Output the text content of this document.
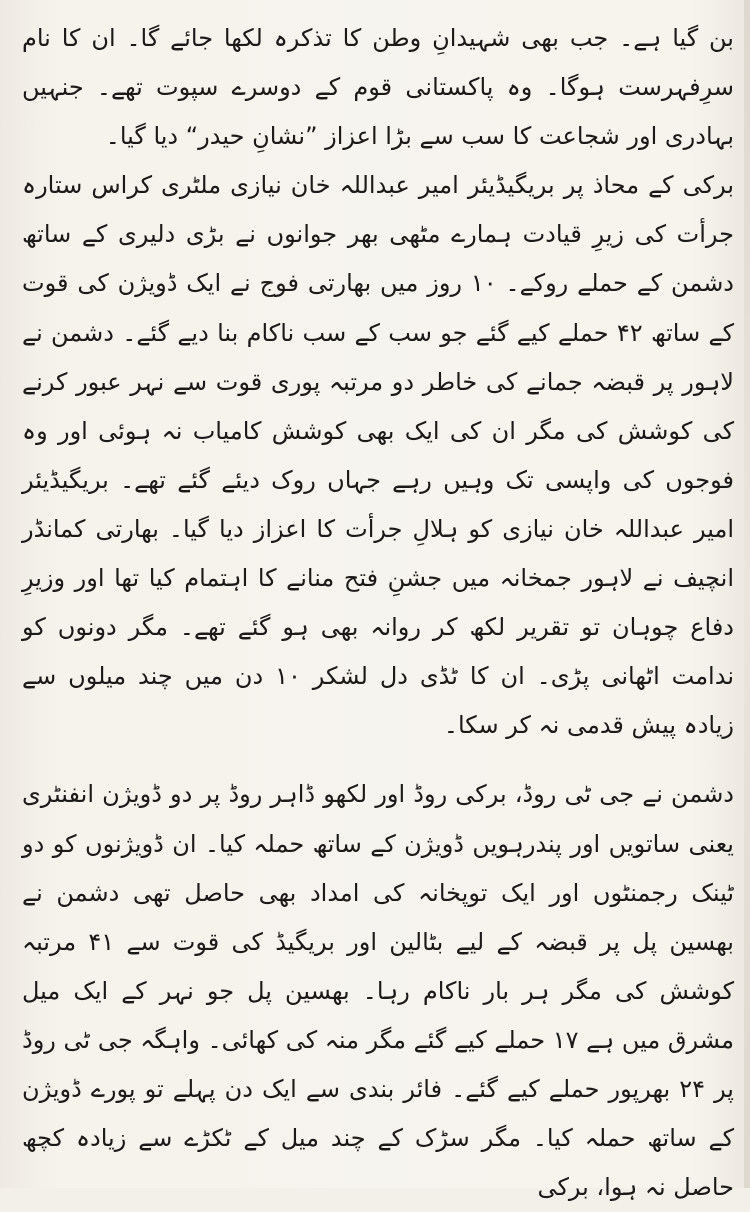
بن گیا ہے۔ جب بھی شہیدانِ وطن کا تذکرہ لکھا جائے گا۔ ان کا نام سرِفہرست ہوگا۔ وہ پاکستانی قوم کے دوسرے سپوت تھے۔ جنہیں بہادری اور شجاعت کا سب سے بڑا اعزاز ”نشانِ حیدر“ دیا گیا۔

برکی کے محاذ پر بریگیڈیئر امیر عبداللہ خان نیازی ملٹری کراس ستارہ جرأت کی زیرِ قیادت ہمارے مٹھی بھر جوانوں نے بڑی دلیری کے ساتھ دشمن کے حملے روکے۔ ۱۰ روز میں بھارتی فوج نے ایک ڈویژن کی قوت کے ساتھ ۴۲ حملے کیے گئے جو سب کے سب ناکام بنا دیے گئے۔ دشمن نے لاہور پر قبضہ جمانے کی خاطر دو مرتبہ پوری قوت سے نہر عبور کرنے کی کوشش کی مگر ان کی ایک بھی کوشش کامیاب نہ ہوئی اور وہ فوجوں کی واپسی تک وہیں رہے جہاں روک دیئے گئے تھے۔ بریگیڈیئر امیر عبداللہ خان نیازی کو ہلالِ جرأت کا اعزاز دیا گیا۔ بھارتی کمانڈر انچیف نے لاہور جمخانہ میں جشنِ فتح منانے کا اہتمام کیا تھا اور وزیرِ دفاع چوہان تو تقریر لکھ کر روانہ بھی ہو گئے تھے۔ مگر دونوں کو ندامت اٹھانی پڑی۔ ان کا ٹڈی دل لشکر ۱۰ دن میں چند میلوں سے زیادہ پیش قدمی نہ کر سکا۔

دشمن نے جی ٹی روڈ، برکی روڈ اور لکھو ڈاہر روڈ پر دو ڈویژن انفنٹری یعنی ساتویں اور پندرہویں ڈویژن کے ساتھ حملہ کیا۔ ان ڈویژنوں کو دو ٹینک رجمنٹوں اور ایک توپخانہ کی امداد بھی حاصل تھی دشمن نے بھسین پل پر قبضہ کے لیے بٹالین اور بریگیڈ کی قوت سے ۴۱ مرتبہ کوشش کی مگر ہر بار ناکام رہا۔ بھسین پل جو نہر کے ایک میل مشرق میں ہے ۱۷ حملے کیے گئے مگر منہ کی کھائی۔ واہگہ جی ٹی روڈ پر ۲۴ بھرپور حملے کیے گئے۔ فائر بندی سے ایک دن پہلے تو پورے ڈویژن کے ساتھ حملہ کیا۔ مگر سڑک کے چند میل کے ٹکڑے سے زیادہ کچھ حاصل نہ ہوا، برکی
